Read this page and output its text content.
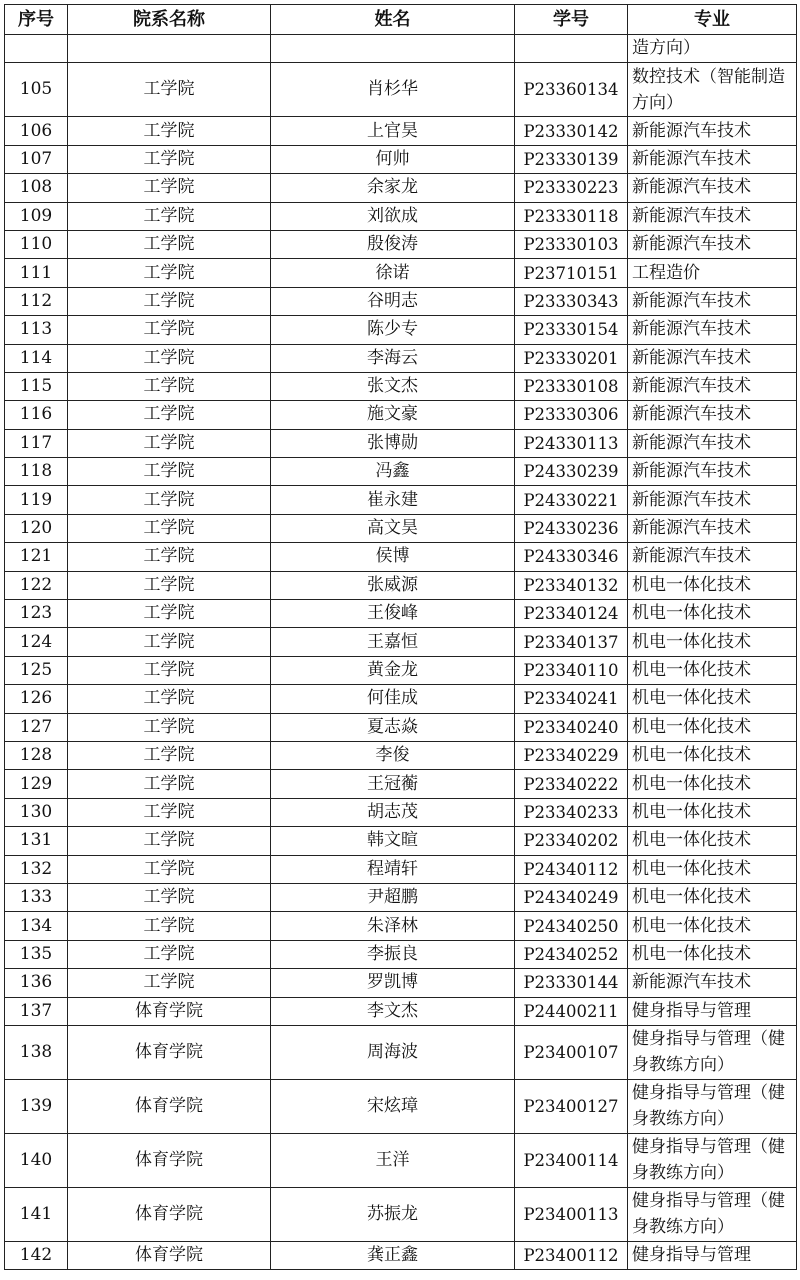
序号	院系名称	姓名	学号	专业
				造方向）
105	工学院	肖杉华	P23360134	数控技术（智能制造方向）
106	工学院	上官昊	P23330142	新能源汽车技术
107	工学院	何帅	P23330139	新能源汽车技术
108	工学院	余家龙	P23330223	新能源汽车技术
109	工学院	刘欲成	P23330118	新能源汽车技术
110	工学院	殷俊涛	P23330103	新能源汽车技术
111	工学院	徐诺	P23710151	工程造价
112	工学院	谷明志	P23330343	新能源汽车技术
113	工学院	陈少专	P23330154	新能源汽车技术
114	工学院	李海云	P23330201	新能源汽车技术
115	工学院	张文杰	P23330108	新能源汽车技术
116	工学院	施文豪	P23330306	新能源汽车技术
117	工学院	张博勋	P24330113	新能源汽车技术
118	工学院	冯鑫	P24330239	新能源汽车技术
119	工学院	崔永建	P24330221	新能源汽车技术
120	工学院	高文昊	P24330236	新能源汽车技术
121	工学院	侯博	P24330346	新能源汽车技术
122	工学院	张威源	P23340132	机电一体化技术
123	工学院	王俊峰	P23340124	机电一体化技术
124	工学院	王嘉恒	P23340137	机电一体化技术
125	工学院	黄金龙	P23340110	机电一体化技术
126	工学院	何佳成	P23340241	机电一体化技术
127	工学院	夏志焱	P23340240	机电一体化技术
128	工学院	李俊	P23340229	机电一体化技术
129	工学院	王冠蘅	P23340222	机电一体化技术
130	工学院	胡志茂	P23340233	机电一体化技术
131	工学院	韩文暄	P23340202	机电一体化技术
132	工学院	程靖轩	P24340112	机电一体化技术
133	工学院	尹超鹏	P24340249	机电一体化技术
134	工学院	朱泽林	P24340250	机电一体化技术
135	工学院	李振良	P24340252	机电一体化技术
136	工学院	罗凯博	P23330144	新能源汽车技术
137	体育学院	李文杰	P24400211	健身指导与管理
138	体育学院	周海波	P23400107	健身指导与管理（健身教练方向）
139	体育学院	宋炫璋	P23400127	健身指导与管理（健身教练方向）
140	体育学院	王洋	P23400114	健身指导与管理（健身教练方向）
141	体育学院	苏振龙	P23400113	健身指导与管理（健身教练方向）
142	体育学院	龚正鑫	P23400112	健身指导与管理
